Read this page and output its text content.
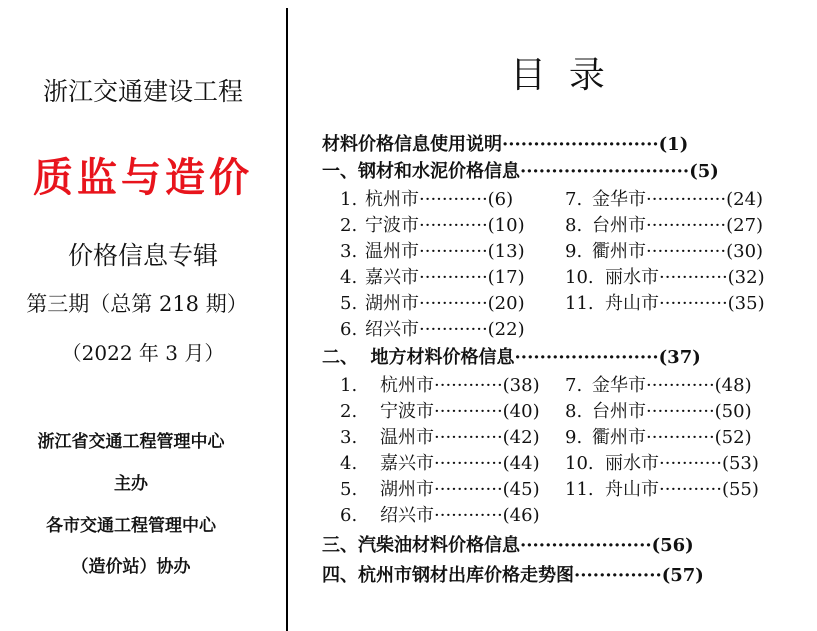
浙江交通建设工程
质监与造价
价格信息专辑
第三期（总第 218 期）
（2022 年 3 月）
浙江省交通工程管理中心
主办
各市交通工程管理中心
（造价站）协办
目  录
材料价格信息使用说明·························(1)
一、钢材和水泥价格信息···························(5)
1. 杭州市············(6)
2. 宁波市············(10)
3. 温州市············(13)
4. 嘉兴市············(17)
5. 湖州市············(20)
6. 绍兴市············(22)
7. 金华市··············(24)
8. 台州市··············(27)
9. 衢州市··············(30)
10. 丽水市············(32)
11. 舟山市············(35)
二、  地方材料价格信息·······················(37)
1. 杭州市············(38)
2. 宁波市············(40)
3. 温州市············(42)
4. 嘉兴市············(44)
5. 湖州市············(45)
6. 绍兴市············(46)
7. 金华市············(48)
8. 台州市············(50)
9. 衢州市············(52)
10. 丽水市···········(53)
11. 舟山市···········(55)
三、汽柴油材料价格信息·····················(56)
四、杭州市钢材出库价格走势图··············(57)
